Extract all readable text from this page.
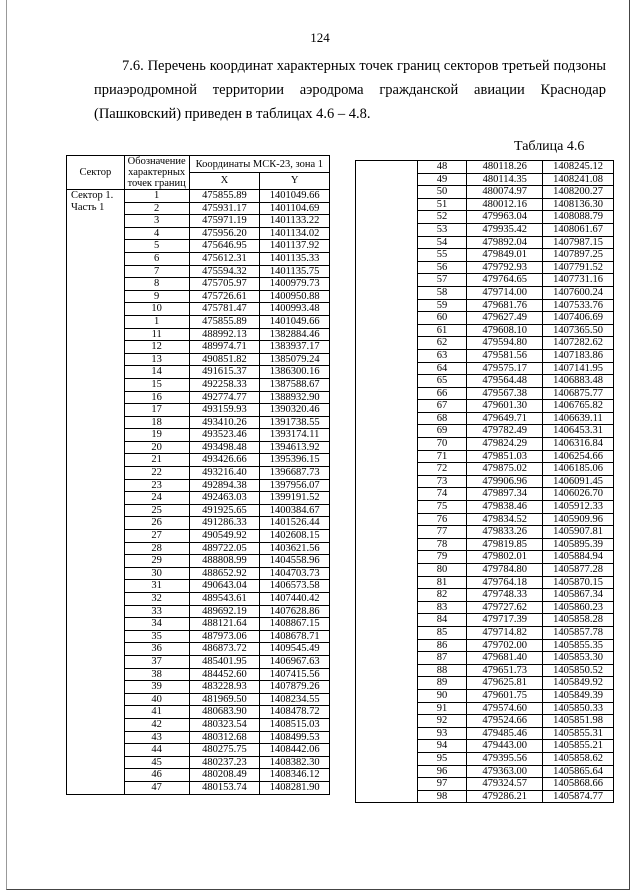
124
7.6. Перечень координат характерных точек границ секторов третьей подзоны
приаэродромной территории аэродрома гражданской авиации Краснодар
(Пашковский) приведен в таблицах 4.6 – 4.8.
Таблица 4.6
Сектор	Обозначение характерных точек границ	Координаты МСК-23, зона 1	
		X	Y
Сектор 1. Часть 1	1	475855.89	1401049.66
	2	475931.17	1401104.69
	3	475971.19	1401133.22
	4	475956.20	1401134.02
	5	475646.95	1401137.92
	6	475612.31	1401135.33
	7	475594.32	1401135.75
	8	475705.97	1400979.73
	9	475726.61	1400950.88
	10	475781.47	1400993.48
	1	475855.89	1401049.66
	11	488992.13	1382884.46
	12	489974.71	1383937.17
	13	490851.82	1385079.24
	14	491615.37	1386300.16
	15	492258.33	1387588.67
	16	492774.77	1388932.90
	17	493159.93	1390320.46
	18	493410.26	1391738.55
	19	493523.46	1393174.11
	20	493498.48	1394613.92
	21	493426.66	1395396.15
	22	493216.40	1396687.73
	23	492894.38	1397956.07
	24	492463.03	1399191.52
	25	491925.65	1400384.67
	26	491286.33	1401526.44
	27	490549.92	1402608.15
	28	489722.05	1403621.56
	29	488808.99	1404558.96
	30	488652.92	1404703.73
	31	490643.04	1406573.58
	32	489543.61	1407440.42
	33	489692.19	1407628.86
	34	488121.64	1408867.15
	35	487973.06	1408678.71
	36	486873.72	1409545.49
	37	485401.95	1406967.63
	38	484452.60	1407415.56
	39	483228.93	1407879.26
	40	481969.50	1408234.55
	41	480683.90	1408478.72
	42	480323.54	1408515.03
	43	480312.68	1408499.53
	44	480275.75	1408442.06
	45	480237.23	1408382.30
	46	480208.49	1408346.12
	47	480153.74	1408281.90
	48	480118.26	1408245.12
	49	480114.35	1408241.08
	50	480074.97	1408200.27
	51	480012.16	1408136.30
	52	479963.04	1408088.79
	53	479935.42	1408061.67
	54	479892.04	1407987.15
	55	479849.01	1407897.25
	56	479792.93	1407791.52
	57	479764.65	1407731.16
	58	479714.00	1407600.24
	59	479681.76	1407533.76
	60	479627.49	1407406.69
	61	479608.10	1407365.50
	62	479594.80	1407282.62
	63	479581.56	1407183.86
	64	479575.17	1407141.95
	65	479564.48	1406883.48
	66	479567.38	1406875.77
	67	479601.30	1406765.82
	68	479649.71	1406639.11
	69	479782.49	1406453.31
	70	479824.29	1406316.84
	71	479851.03	1406254.66
	72	479875.02	1406185.06
	73	479906.96	1406091.45
	74	479897.34	1406026.70
	75	479838.46	1405912.33
	76	479834.52	1405909.96
	77	479833.26	1405907.81
	78	479819.85	1405895.39
	79	479802.01	1405884.94
	80	479784.80	1405877.28
	81	479764.18	1405870.15
	82	479748.33	1405867.34
	83	479727.62	1405860.23
	84	479717.39	1405858.28
	85	479714.82	1405857.78
	86	479702.00	1405855.35
	87	479681.40	1405853.30
	88	479651.73	1405850.52
	89	479625.81	1405849.92
	90	479601.75	1405849.39
	91	479574.60	1405850.33
	92	479524.66	1405851.98
	93	479485.46	1405855.31
	94	479443.00	1405855.21
	95	479395.56	1405858.62
	96	479363.00	1405865.64
	97	479324.57	1405868.66
	98	479286.21	1405874.77
